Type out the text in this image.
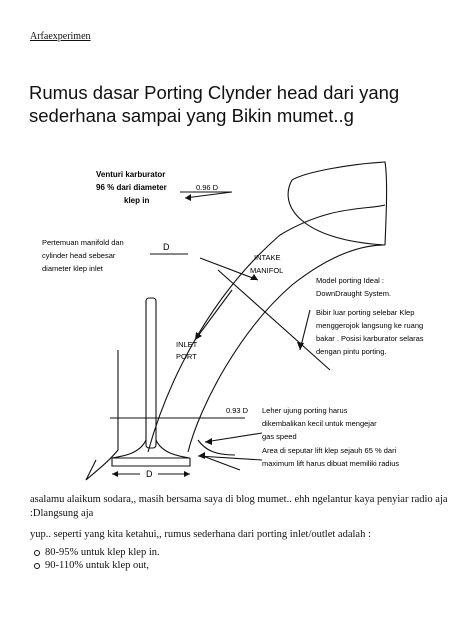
Arfaexperimen
Rumus dasar Porting Clynder head dari yang sederhana sampai yang Bikin mumet..g
Venturi karburator
96 % dari diameter
klep in
0.96 D
Pertemuan manifold dan
cylinder head sebesar
diameter klep inlet
D
INTAKE
MANIFOL
Model porting Ideal :
DownDraught System.
Bibir luar porting selebar Klep
menggerojok langsung ke ruang
bakar . Posisi karburator selaras
dengan pintu porting.
INLET
PORT
0.93 D Leher ujung porting harus
dikembalikan kecil untuk mengejar
gas speed
Area di seputar lift klep sejauh 65 % dari
maximum lift harus dibuat memiliki radius
D

asalamu alaikum sodara,, masih bersama saya di blog mumet.. ehh ngelantur kaya penyiar radio aja :Dlangsung aja

yup.. seperti yang kita ketahui,, rumus sederhana dari porting inlet/outlet adalah :

80-95% untuk klep klep in.
90-110% untuk klep out,
